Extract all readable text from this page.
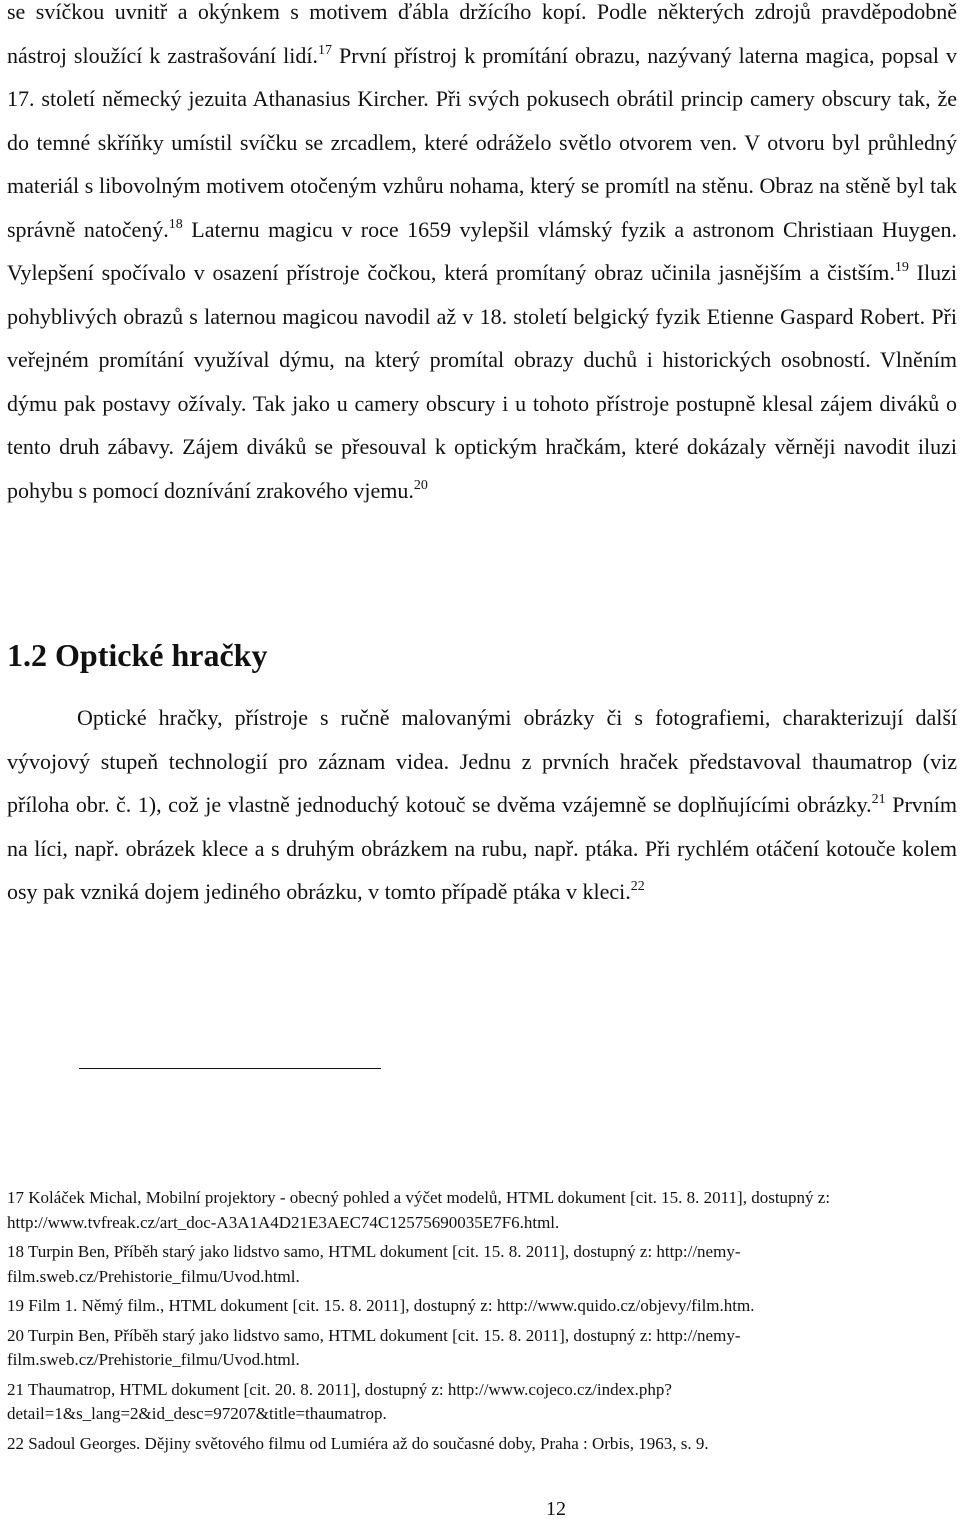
se svíčkou uvnitř a okýnkem s motivem ďábla držícího kopí. Podle některých zdrojů pravděpodobně nástroj sloužící k zastrašování lidí.$^{17}$ První přístroj k promítání obrazu, nazývaný laterna magica, popsal v 17. století německý jezuita Athanasius Kircher. Při svých pokusech obrátil princip camery obscury tak, že do temné skříňky umístil svíčku se zrcadlem, které odráželo světlo otvorem ven. V otvoru byl průhledný materiál s libovolným motivem otočeným vzhůru nohama, který se promítl na stěnu. Obraz na stěně byl tak správně natočený.$^{18}$ Laternu magicu v roce 1659 vylepšil vlámský fyzik a astronom Christiaan Huygen. Vylepšení spočívalo v osazení přístroje čočkou, která promítaný obraz učinila jasnějším a čistším.$^{19}$ Iluzi pohyblivých obrazů s laternou magicou navodil až v 18. století belgický fyzik Etienne Gaspard Robert. Při veřejném promítání využíval dýmu, na který promítal obrazy duchů i historických osobností. Vlněním dýmu pak postavy ožívaly. Tak jako u camery obscury i u tohoto přístroje postupně klesal zájem diváků o tento druh zábavy. Zájem diváků se přesouval k optickým hračkám, které dokázaly věrněji navodit iluzi pohybu s pomocí doznívání zrakového vjemu.$^{20}$

1.2 Optické hračky

Optické hračky, přístroje s ručně malovanými obrázky či s fotografiemi, charakterizují další vývojový stupeň technologií pro záznam videa. Jednu z prvních hraček představoval thaumatrop (viz příloha obr. č. 1), což je vlastně jednoduchý kotouč se dvěma vzájemně se doplňujícími obrázky.$^{21}$ Prvním na líci, např. obrázek klece a s druhým obrázkem na rubu, např. ptáka. Při rychlém otáčení kotouče kolem osy pak vzniká dojem jediného obrázku, v tomto případě ptáka v kleci.$^{22}$

17 Koláček Michal, Mobilní projektory - obecný pohled a výčet modelů, HTML dokument [cit. 15. 8. 2011], dostupný z: http://www.tvfreak.cz/art_doc-A3A1A4D21E3AEC74C12575690035E7F6.html.
18 Turpin Ben, Příběh starý jako lidstvo samo, HTML dokument [cit. 15. 8. 2011], dostupný z: http://nemy-film.sweb.cz/Prehistorie_filmu/Uvod.html.
19 Film 1. Němý film., HTML dokument [cit. 15. 8. 2011], dostupný z: http://www.quido.cz/objevy/film.htm.
20 Turpin Ben, Příběh starý jako lidstvo samo, HTML dokument [cit. 15. 8. 2011], dostupný z: http://nemy-film.sweb.cz/Prehistorie_filmu/Uvod.html.
21 Thaumatrop, HTML dokument [cit. 20. 8. 2011], dostupný z: http://www.cojeco.cz/index.php?detail=1&s_lang=2&id_desc=97207&title=thaumatrop.
22 Sadoul Georges. Dějiny světového filmu od Lumiéra až do současné doby, Praha : Orbis, 1963, s. 9.
12
